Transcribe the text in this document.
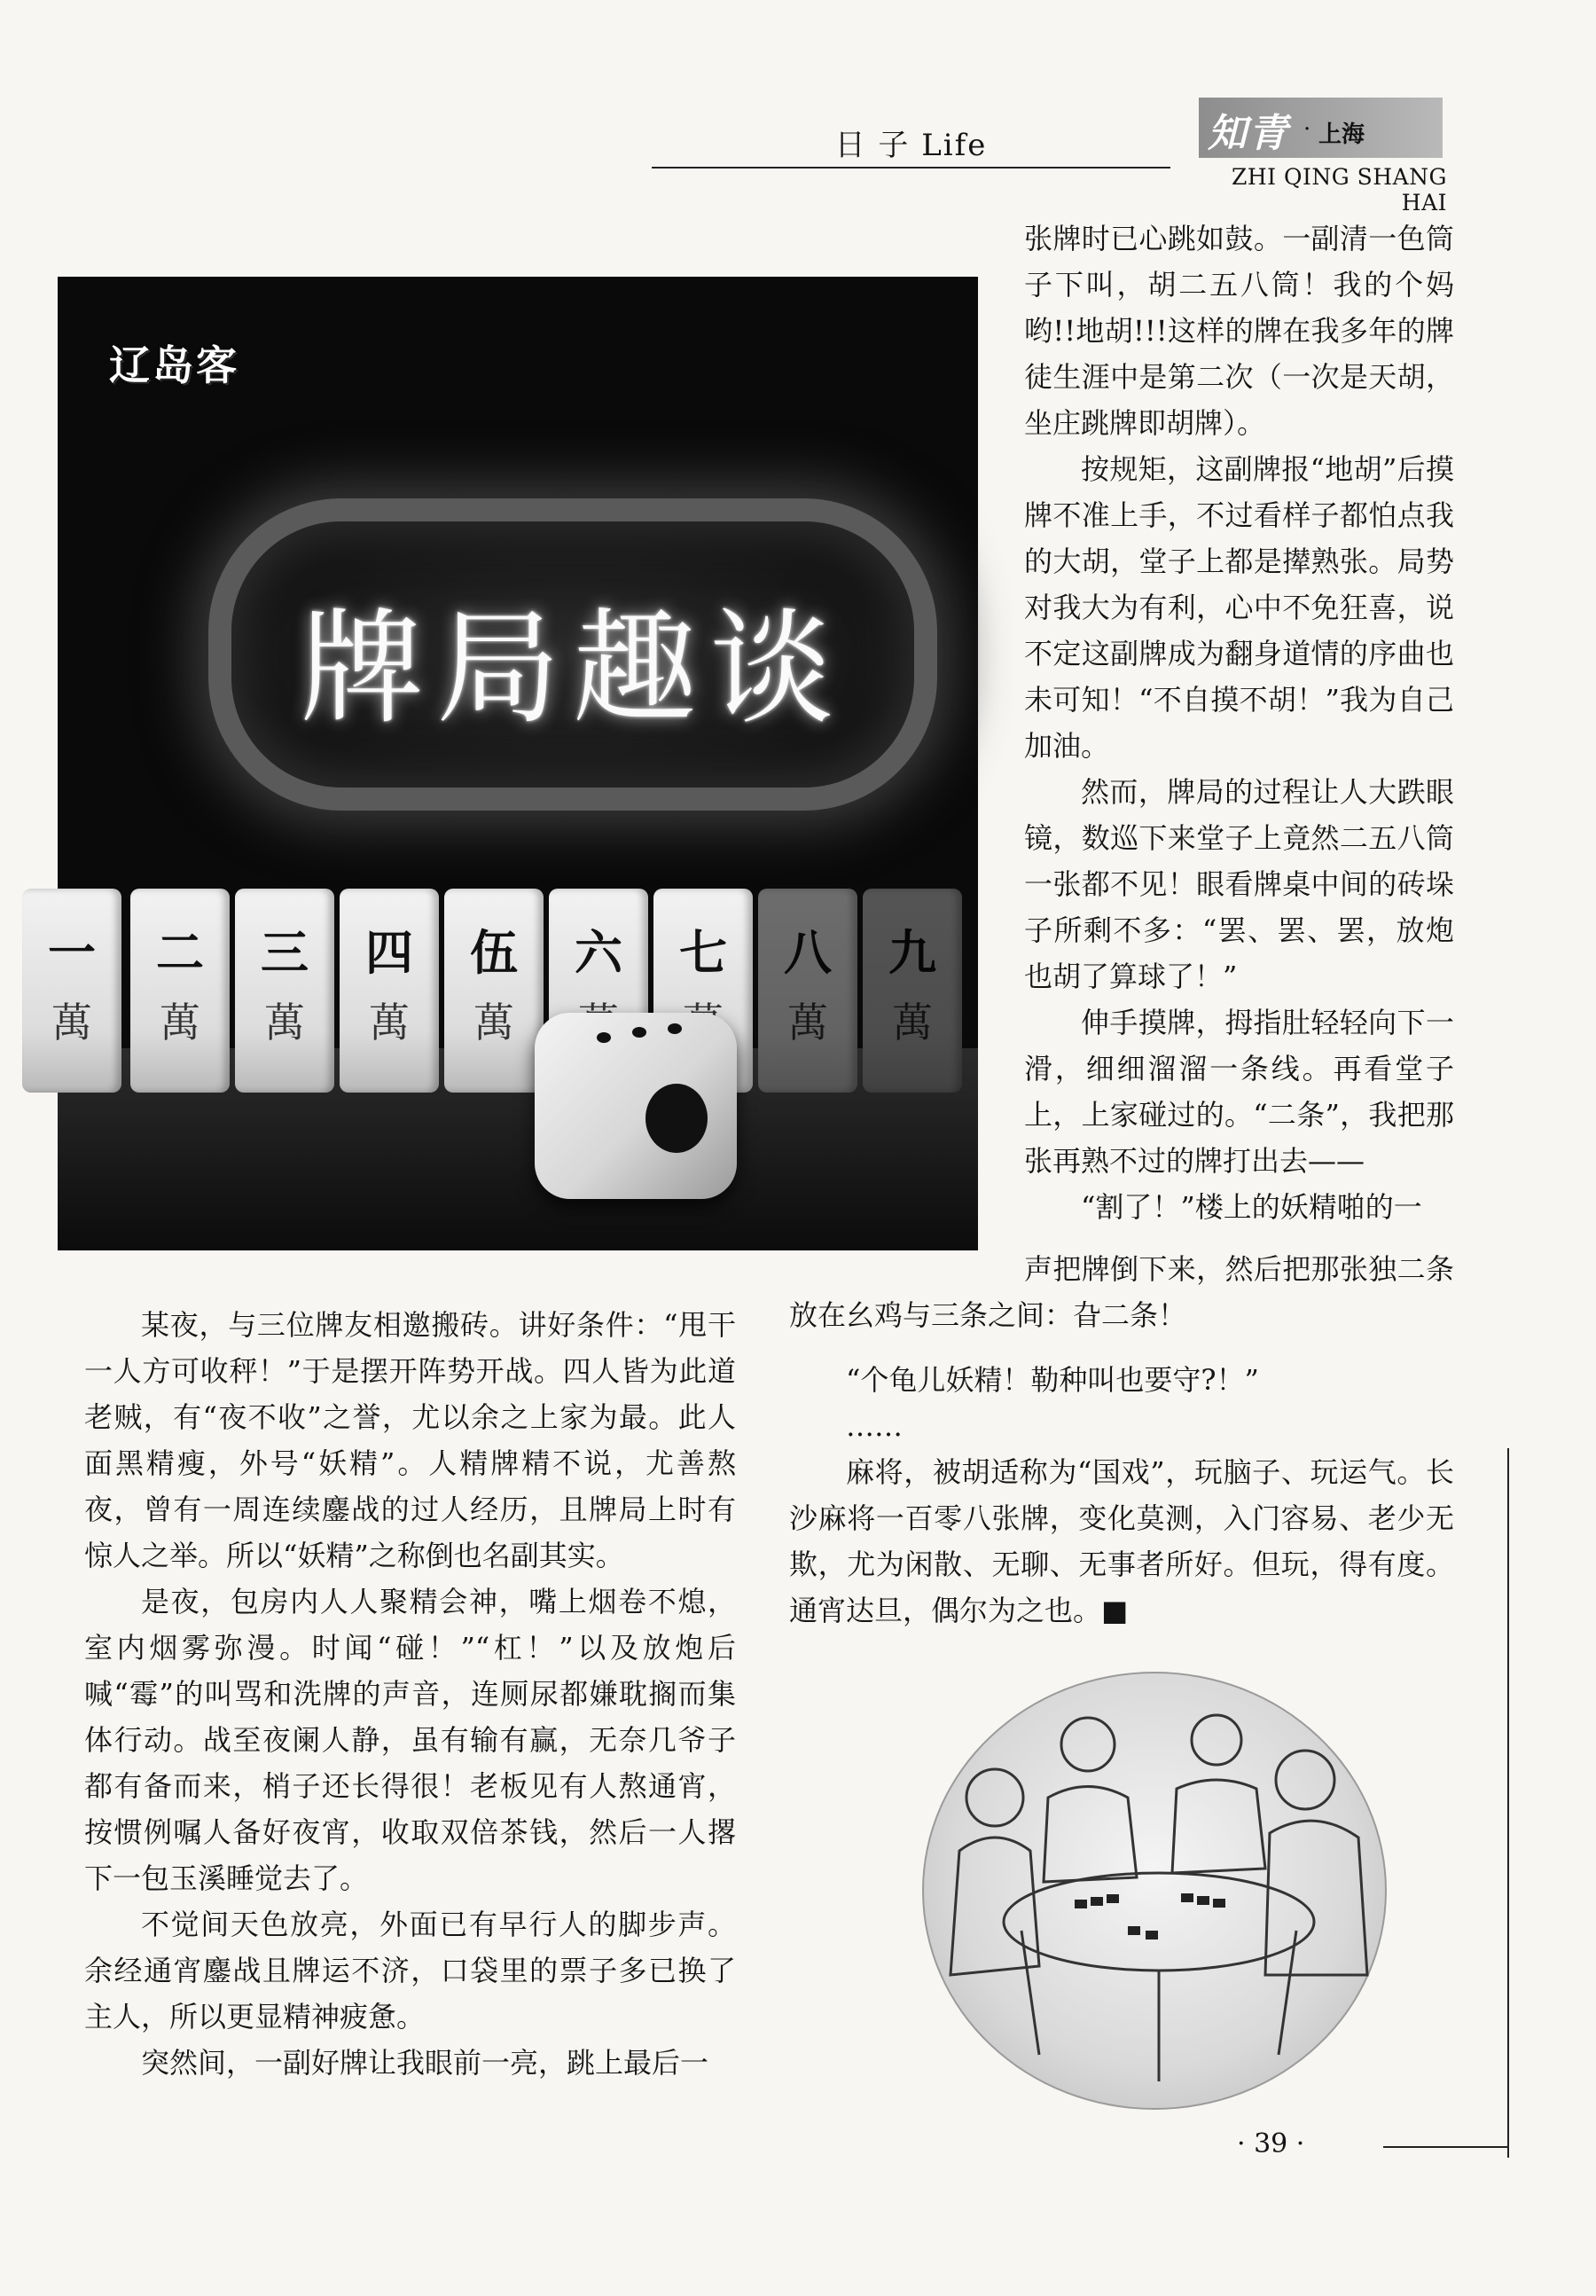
日 子 Life	知青 · 上海
ZHI QING SHANG HAI
牌局趣谈
辽岛客
一
萬
二
萬
三
萬
四
萬
伍
萬
六	七	八
萬
九
萬

张牌时已心跳如鼓。一副清一色筒子下叫，胡二五八筒！我的个妈哟!!地胡!!!这样的牌在我多年的牌徒生涯中是第二次（一次是天胡，坐庄跳牌即胡牌）。

按规矩，这副牌报“地胡”后摸牌不准上手，不过看样子都怕点我的大胡，堂子上都是撵熟张。局势对我大为有利，心中不免狂喜，说不定这副牌成为翻身道情的序曲也未可知！“不自摸不胡！”我为自己加油。

然而，牌局的过程让人大跌眼镜，数巡下来堂子上竟然二五八筒一张都不见！眼看牌桌中间的砖垛子所剩不多：“罢、罢、罢，放炮也胡了算球了！”

伸手摸牌，拇指肚轻轻向下一滑，细细溜溜一条线。再看堂子上，上家碰过的。“二条”，我把那张再熟不过的牌打出去——

“割了！”楼上的妖精啪的一

声把牌倒下来，然后把那张独二条放在幺鸡与三条之间：旮二条！

某夜，与三位牌友相邀搬砖。讲好条件：“甩干一人方可收秤！”于是摆开阵势开战。四人皆为此道老贼，有“夜不收”之誉，尤以余之上家为最。此人面黑精瘦，外号“妖精”。人精牌精不说，尤善熬夜，曾有一周连续鏖战的过人经历，且牌局上时有惊人之举。所以“妖精”之称倒也名副其实。

是夜，包房内人人聚精会神，嘴上烟卷不熄，室内烟雾弥漫。时闻“碰！”“杠！”以及放炮后喊“霉”的叫骂和洗牌的声音，连厕尿都嫌耽搁而集体行动。战至夜阑人静，虽有输有赢，无奈几爷子都有备而来，梢子还长得很！老板见有人熬通宵，按惯例嘱人备好夜宵，收取双倍茶钱，然后一人撂下一包玉溪睡觉去了。

不觉间天色放亮，外面已有早行人的脚步声。余经通宵鏖战且牌运不济，口袋里的票子多已换了主人，所以更显精神疲惫。

突然间，一副好牌让我眼前一亮，跳上最后一

“个龟儿妖精！勒种叫也要守?！”

……

麻将，被胡适称为“国戏”，玩脑子、玩运气。长沙麻将一百零八张牌，变化莫测，入门容易、老少无欺，尤为闲散、无聊、无事者所好。但玩，得有度。通宵达旦，偶尔为之也。■

· 39 ·
